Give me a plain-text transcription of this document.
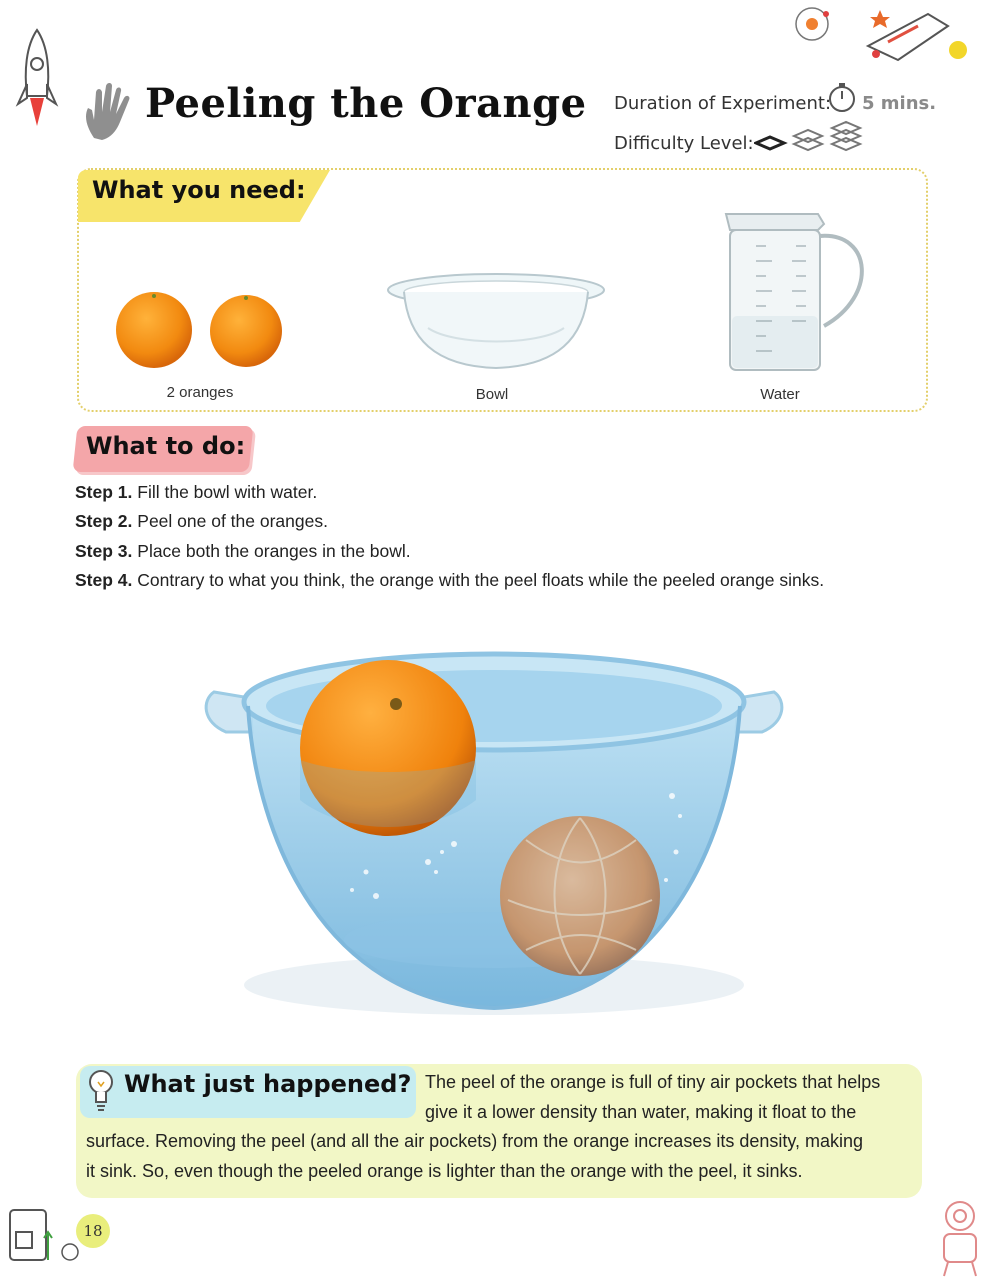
Peeling the Orange Duration of Experiment: 5 mins.
Difficulty Level:
What you need:
2 oranges	Bowl	Water
What to do:
Step 1. Fill the bowl with water.
Step 2. Peel one of the oranges.
Step 3. Place both the oranges in the bowl.
Step 4. Contrary to what you think, the orange with the peel floats while the peeled orange sinks.
What just happened? The peel of the orange is full of tiny air pockets that helps
give it a lower density than water, making it float to the
surface. Removing the peel (and all the air pockets) from the orange increases its density, making
it sink. So, even though the peeled orange is lighter than the orange with the peel, it sinks.
18
